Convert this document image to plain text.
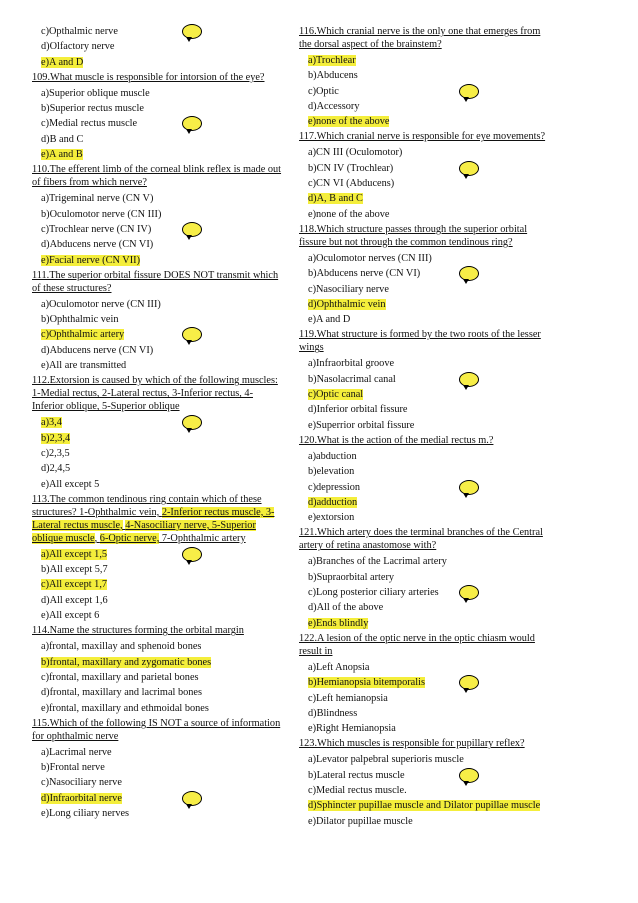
c)Opthalmic nerve

d)Olfactory nerve

e)A and D

109.What muscle is responsible for intorsion of the eye?

a)Superior oblique muscle

b)Superior rectus muscle

c)Medial rectus muscle

d)B and C

e)A and B

110.The efferent limb of the corneal blink reflex is made out of fibers from which nerve?

a)Trigeminal nerve (CN V)

b)Oculomotor nerve (CN III)

c)Trochlear nerve (CN IV)

d)Abducens nerve (CN VI)

e)Facial nerve (CN VII)

111.The superior orbital fissure DOES NOT transmit which of these structures?

a)Oculomotor nerve (CN III)

b)Ophthalmic vein

c)Ophthalmic artery

d)Abducens nerve (CN VI)

e)All are transmitted

112.Extorsion is caused by which of the following muscles: 1-Medial rectus, 2-Lateral rectus, 3-Inferior rectus, 4-Inferior oblique, 5-Superior oblique

a)3,4

b)2,3,4

c)2,3,5

d)2,4,5

e)All except 5

113.The common tendinous ring contain which of these structures? 1-Ophthalmic vein, 2-Inferior rectus muscle, 3-Lateral rectus muscle, 4-Nasociliary nerve, 5-Superior oblique muscle, 6-Optic nerve, 7-Ophthalmic artery

a)All except 1,5

b)All except 5,7

c)All except 1,7

d)All except 1,6

e)All except 6

114.Name the structures forming the orbital margin

a)frontal, maxillay and sphenoid bones

b)frontal, maxillary and zygomatic bones

c)frontal, maxillary and parietal bones

d)frontal, maxillary and lacrimal bones

e)frontal, maxillary and ethmoidal bones

115.Which of the following IS NOT a source of information for ophthalmic nerve

a)Lacrimal nerve

b)Frontal nerve

c)Nasociliary nerve

d)Infraorbital nerve

e)Long ciliary nerves

116.Which cranial nerve is the only one that emerges from the dorsal aspect of the brainstem?

a)Trochlear

b)Abducens

c)Optic

d)Accessory

e)none of the above

117.Which cranial nerve is responsible for eye movements?

a)CN III (Oculomotor)

b)CN IV (Trochlear)

c)CN VI (Abducens)

d)A, B and C

e)none of the above

118.Which structure passes through the superior orbital fissure but not through the common tendinous ring?

a)Oculomotor nerves (CN III)

b)Abducens nerve (CN VI)

c)Nasociliary nerve

d)Ophthalmic vein

e)A and D

119.What structure is formed by the two roots of the lesser wings

a)Infraorbital groove

b)Nasolacrimal canal

c)Optic canal

d)Inferior orbital fissure

e)Superrior orbital fissure

120.What is the action of the medial rectus m.?

a)abduction

b)elevation

c)depression

d)adduction

e)extorsion

121.Which artery does the terminal branches of the Central artery of retina anastomose with?

a)Branches of the Lacrimal artery

b)Supraorbital artery

c)Long posterior ciliary arteries

d)All of the above

e)Ends blindly

122.A lesion of the optic nerve in the optic chiasm would result in

a)Left Anopsia

b)Hemianopsia bitemporalis

c)Left hemianopsia

d)Blindness

e)Right Hemianopsia

123.Which muscles is responsible for pupillary reflex?

a)Levator palpebral superioris muscle

b)Lateral rectus muscle

c)Medial rectus muscle.

d)Sphincter pupillae muscle and Dilator pupillae muscle

e)Dilator pupillae muscle
